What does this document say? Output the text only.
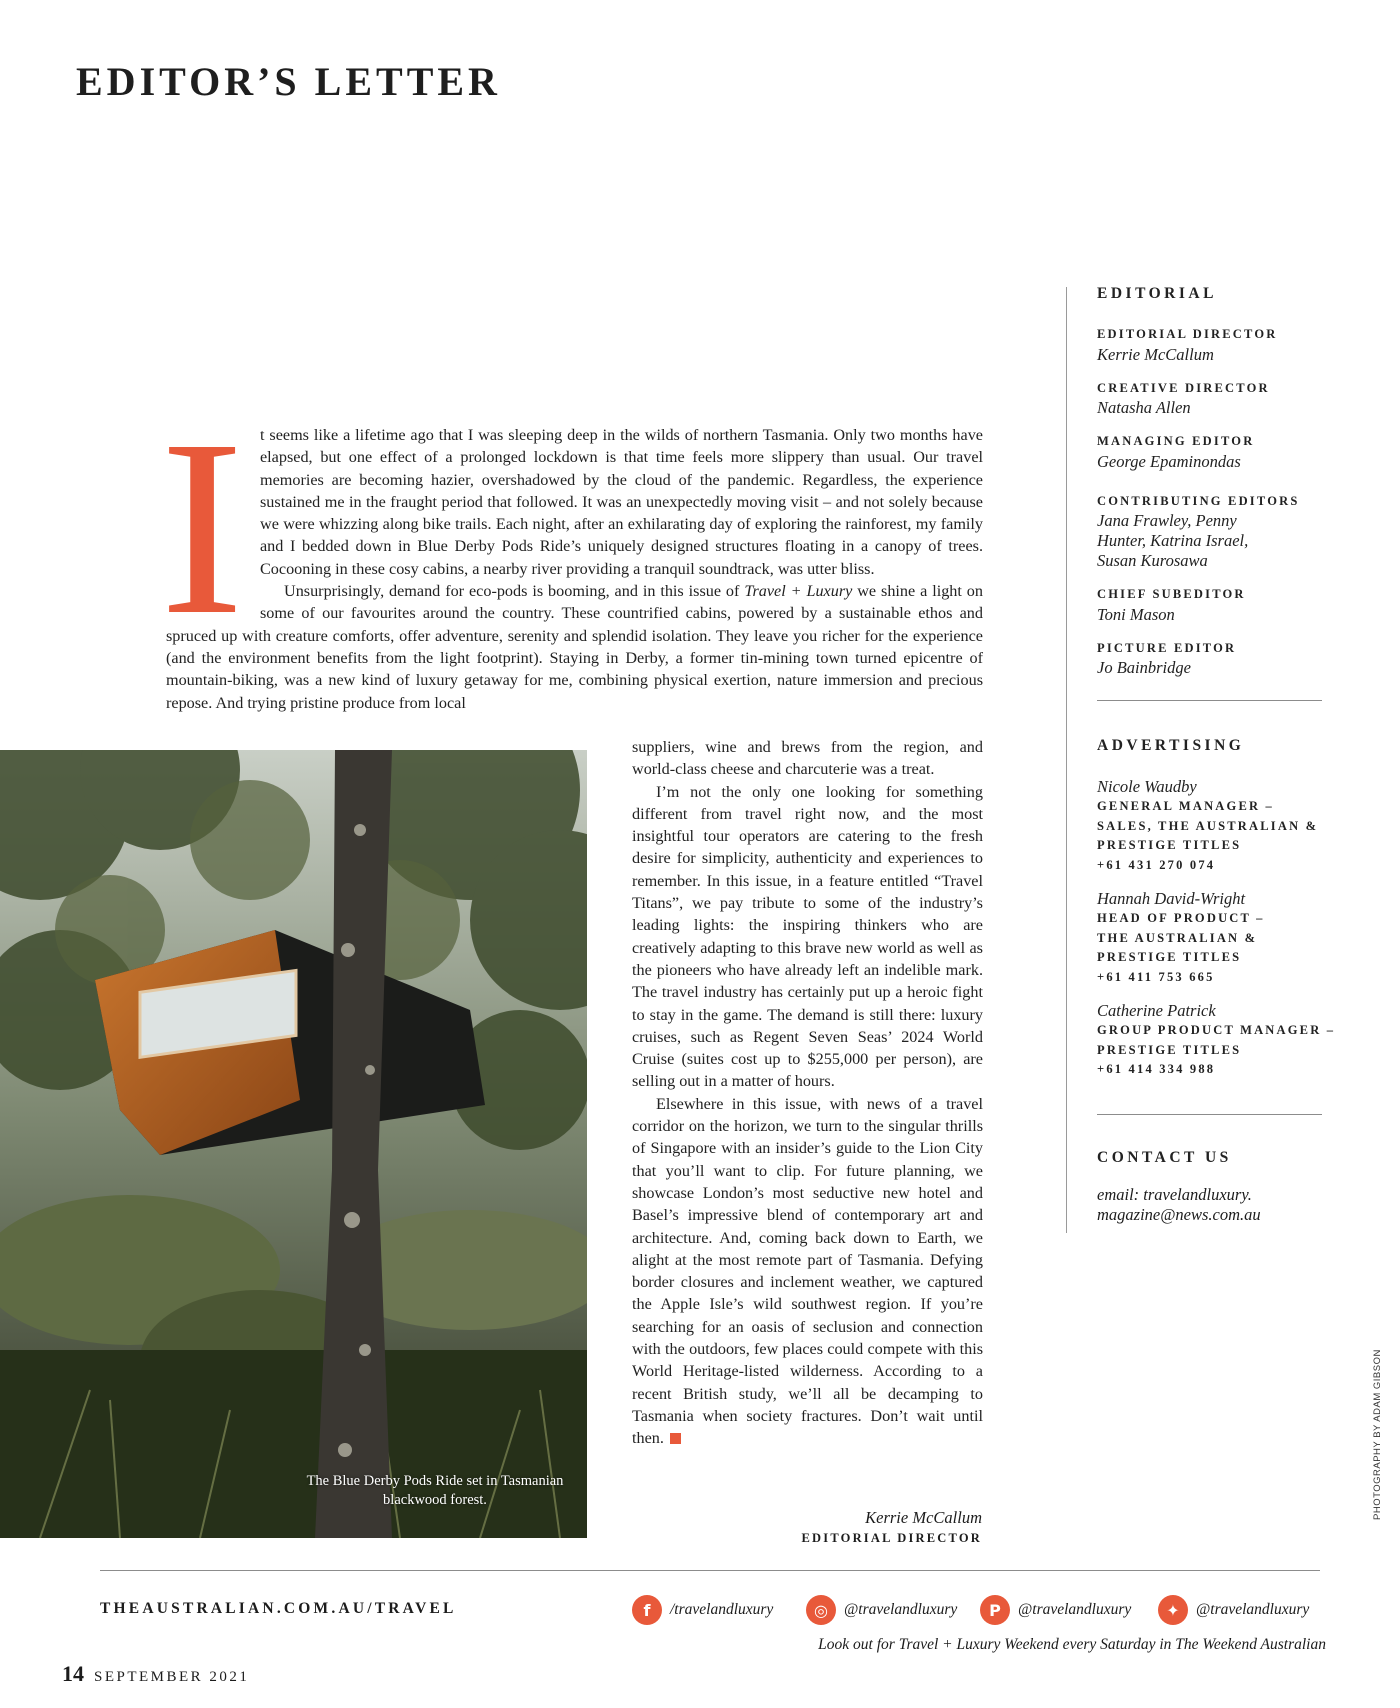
EDITOR’S LETTER
I t seems like a lifetime ago that I was sleeping deep in the wilds of northern Tasmania. Only two months have elapsed, but one effect of a prolonged lockdown is that time feels more slippery than usual. Our travel memories are becoming hazier, overshadowed by the cloud of the pandemic. Regardless, the experience sustained me in the fraught period that followed. It was an unexpectedly moving visit – and not solely because we were whizzing along bike trails. Each night, after an exhilarating day of exploring the rainforest, my family and I bedded down in Blue Derby Pods Ride’s uniquely designed structures floating in a canopy of trees. Cocooning in these cosy cabins, a nearby river providing a tranquil soundtrack, was utter bliss.

Unsurprisingly, demand for eco-pods is booming, and in this issue of Travel + Luxury we shine a light on some of our favourites around the country. These countrified cabins, powered by a sustainable ethos and spruced up with creature comforts, offer adventure, serenity and splendid isolation. They leave you richer for the experience (and the environment benefits from the light footprint). Staying in Derby, a former tin-mining town turned epicentre of mountain-biking, was a new kind of luxury getaway for me, combining physical exertion, nature immersion and precious repose. And trying pristine produce from local

The Blue Derby Pods Ride set in Tasmanian blackwood forest.

suppliers, wine and brews from the region, and world-class cheese and charcuterie was a treat.

I’m not the only one looking for something different from travel right now, and the most insightful tour operators are catering to the fresh desire for simplicity, authenticity and experiences to remember. In this issue, in a feature entitled “Travel Titans”, we pay tribute to some of the industry’s leading lights: the inspiring thinkers who are creatively adapting to this brave new world as well as the pioneers who have already left an indelible mark. The travel industry has certainly put up a heroic fight to stay in the game. The demand is still there: luxury cruises, such as Regent Seven Seas’ 2024 World Cruise (suites cost up to $255,000 per person), are selling out in a matter of hours.

Elsewhere in this issue, with news of a travel corridor on the horizon, we turn to the singular thrills of Singapore with an insider’s guide to the Lion City that you’ll want to clip. For future planning, we showcase London’s most seductive new hotel and Basel’s impressive blend of contemporary art and architecture. And, coming back down to Earth, we alight at the most remote part of Tasmania. Defying border closures and inclement weather, we captured the Apple Isle’s wild southwest region. If you’re searching for an oasis of seclusion and connection with the outdoors, few places could compete with this World Heritage-listed wilderness. According to a recent British study, we’ll all be decamping to Tasmania when society fractures. Don’t wait until then.

Kerrie McCallum
EDITORIAL DIRECTOR
EDITORIAL
EDITORIAL DIRECTOR
Kerrie McCallum
CREATIVE DIRECTOR
Natasha Allen
MANAGING EDITOR
George Epaminondas
CONTRIBUTING EDITORS
Jana Frawley, Penny Hunter, Katrina Israel, Susan Kurosawa
CHIEF SUBEDITOR
Toni Mason
PICTURE EDITOR
Jo Bainbridge
ADVERTISING
Nicole Waudby
GENERAL MANAGER – SALES, THE AUSTRALIAN & PRESTIGE TITLES
+61 431 270 074
Hannah David-Wright
HEAD OF PRODUCT – THE AUSTRALIAN & PRESTIGE TITLES
+61 411 753 665
Catherine Patrick
GROUP PRODUCT MANAGER – PRESTIGE TITLES
+61 414 334 988
CONTACT US
email: travelandluxury.
magazine@news.com.au
PHOTOGRAPHY BY ADAM GIBSON
THEAUSTRALIAN.COM.AU/TRAVEL	f	/travelandluxury	◎	@travelandluxury	P	@travelandluxury	✦	@travelandluxury
Look out for Travel + Luxury Weekend every Saturday in The Weekend Australian
14 SEPTEMBER 2021
